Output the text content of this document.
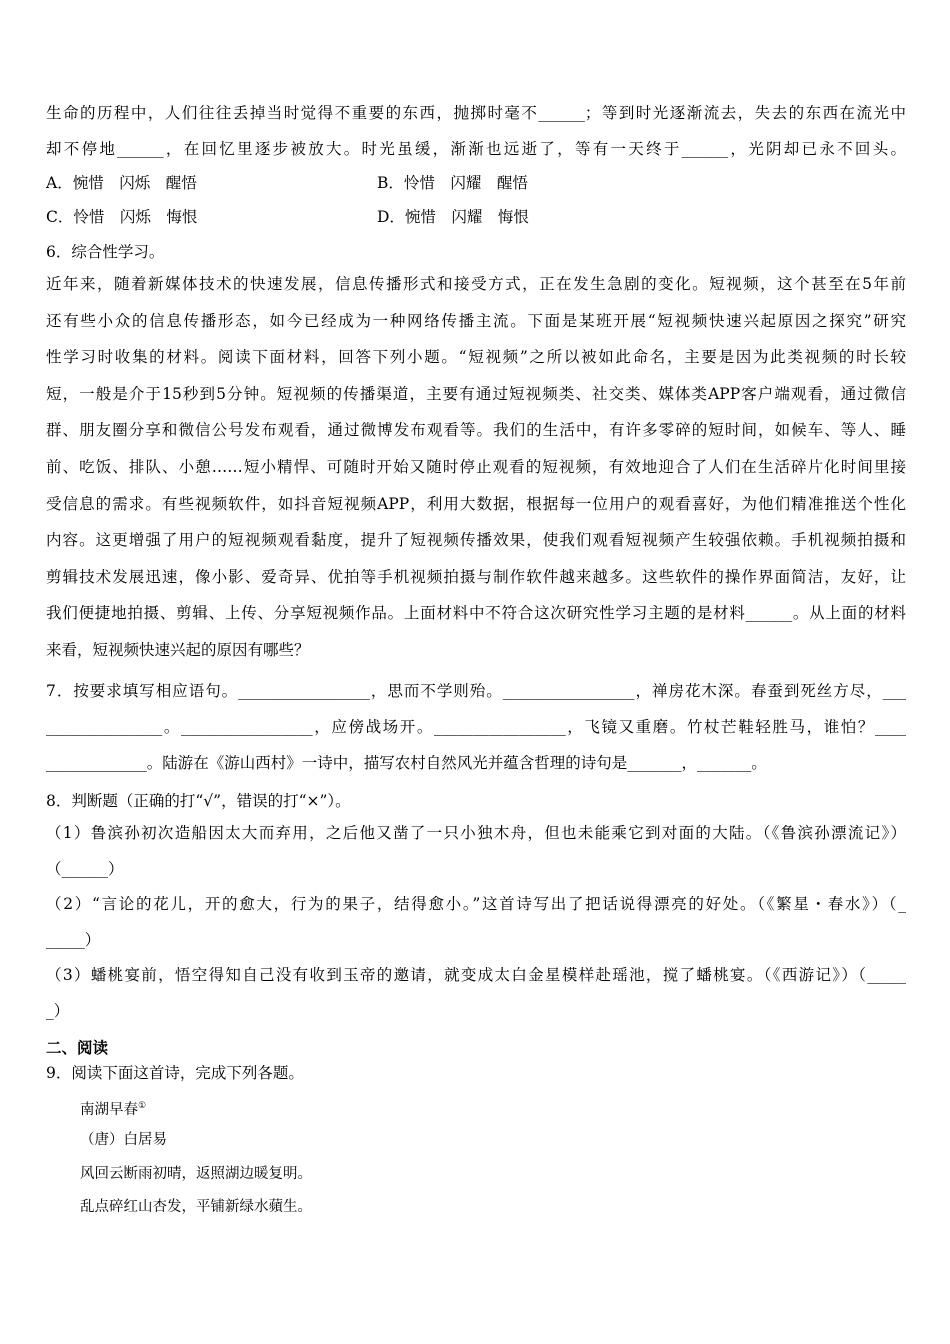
生命的历程中，人们往往丢掉当时觉得不重要的东西，抛掷时毫不______；等到时光逐渐流去，失去的东西在流光中
却不停地______，在回忆里逐步被放大。时光虽缓，渐渐也远逝了，等有一天终于______，光阴却已永不回头。
A．惋惜　闪烁　醒悟	B．怜惜　闪耀　醒悟
C．怜惜　闪烁　悔恨	D．惋惜　闪耀　悔恨
6．综合性学习。
近年来，随着新媒体技术的快速发展，信息传播形式和接受方式，正在发生急剧的变化。短视频，这个甚至在5年前
还有些小众的信息传播形态，如今已经成为一种网络传播主流。下面是某班开展“短视频快速兴起原因之探究”研究
性学习时收集的材料。阅读下面材料，回答下列小题。“短视频”之所以被如此命名，主要是因为此类视频的时长较
短，一般是介于15秒到5分钟。短视频的传播渠道，主要有通过短视频类、社交类、媒体类APP客户端观看，通过微信
群、朋友圈分享和微信公号发布观看，通过微博发布观看等。我们的生活中，有许多零碎的短时间，如候车、等人、睡
前、吃饭、排队、小憩……短小精悍、可随时开始又随时停止观看的短视频，有效地迎合了人们在生活碎片化时间里接
受信息的需求。有些视频软件，如抖音短视频APP，利用大数据，根据每一位用户的观看喜好，为他们精准推送个性化
内容。这更增强了用户的短视频观看黏度，提升了短视频传播效果，使我们观看短视频产生较强依赖。手机视频拍摄和
剪辑技术发展迅速，像小影、爱奇异、优拍等手机视频拍摄与制作软件越来越多。这些软件的操作界面简洁，友好，让
我们便捷地拍摄、剪辑、上传、分享短视频作品。上面材料中不符合这次研究性学习主题的是材料______。从上面的材料
来看，短视频快速兴起的原因有哪些？
7．按要求填写相应语句。_________________，思而不学则殆。_________________，禅房花木深。春蚕到死丝方尽，___
_______________。_________________，应傍战场开。_________________，飞镜又重磨。竹杖芒鞋轻胜马，谁怕？____
_____________。陆游在《游山西村》一诗中，描写农村自然风光并蕴含哲理的诗句是_______，_______。
8．判断题（正确的打“√”，错误的打“×”）。
（1）鲁滨孙初次造船因太大而弃用，之后他又凿了一只小独木舟，但也未能乘它到对面的大陆。（《鲁滨孙漂流记》）
（______）
（2）“言论的花儿，开的愈大，行为的果子，结得愈小。”这首诗写出了把话说得漂亮的好处。（《繁星・春水》）（_
_____）
（3）蟠桃宴前，悟空得知自己没有收到玉帝的邀请，就变成太白金星模样赴瑶池，搅了蟠桃宴。（《西游记》）（_____
_）
二、阅读
9．阅读下面这首诗，完成下列各题。
南湖早春①
（唐）白居易
风回云断雨初晴，返照湖边暖复明。
乱点碎红山杏发，平铺新绿水蘋生。
